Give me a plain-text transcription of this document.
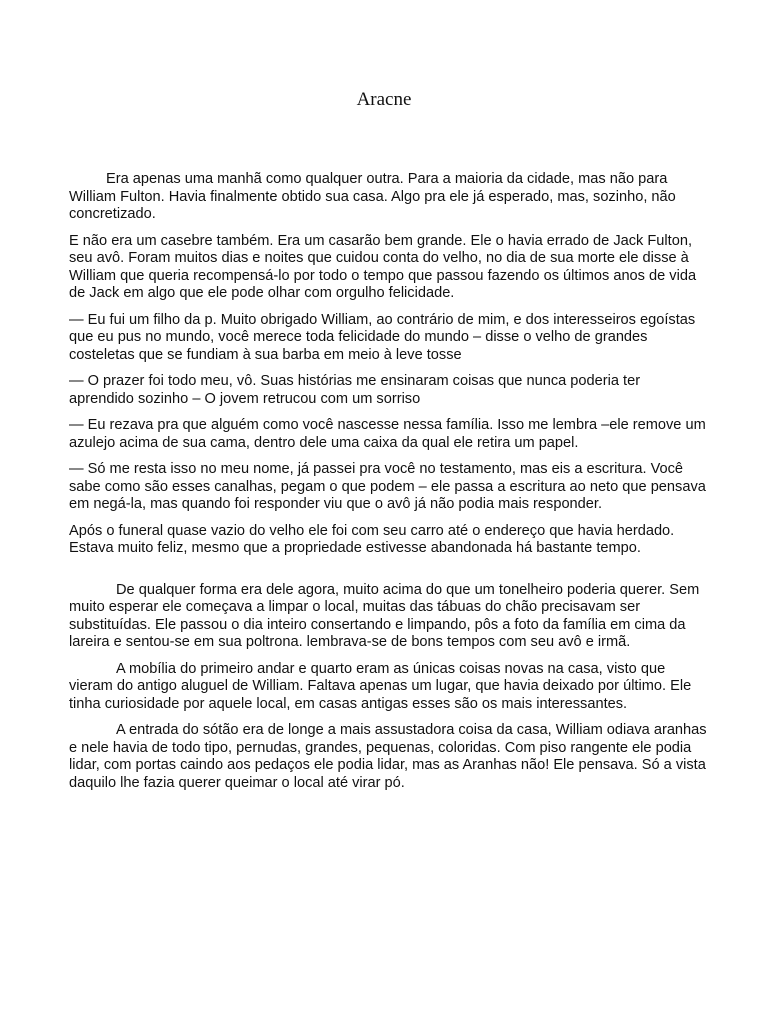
Aracne

Era apenas uma manhã como qualquer outra. Para a maioria da cidade, mas não para William Fulton. Havia finalmente obtido sua casa. Algo pra ele já esperado, mas, sozinho, não concretizado.

E não era um casebre também. Era um casarão bem grande. Ele o havia errado de Jack Fulton, seu avô. Foram muitos dias e noites que cuidou conta do velho, no dia de sua morte ele disse à William que queria recompensá-lo por todo o tempo que passou fazendo os últimos anos de vida de Jack em algo que ele pode olhar com orgulho felicidade.

— Eu fui um filho da p. Muito obrigado William, ao contrário de mim, e dos interesseiros egoístas que eu pus no mundo, você merece toda felicidade do mundo – disse o velho de grandes costeletas que se fundiam à sua barba em meio à leve tosse

— O prazer foi todo meu, vô. Suas histórias me ensinaram coisas que nunca poderia ter aprendido sozinho – O jovem retrucou com um sorriso

— Eu rezava pra que alguém como você nascesse nessa família. Isso me lembra –ele remove um azulejo acima de sua cama, dentro dele uma caixa da qual ele retira um papel.

— Só me resta isso no meu nome, já passei pra você no testamento, mas eis a escritura. Você sabe como são esses canalhas, pegam o que podem – ele passa a escritura ao neto que pensava em negá-la, mas quando foi responder viu que o avô já não podia mais responder.

Após o funeral quase vazio do velho ele foi com seu carro até o endereço que havia herdado. Estava muito feliz, mesmo que a propriedade estivesse abandonada há bastante tempo.

De qualquer forma era dele agora, muito acima do que um tonelheiro poderia querer. Sem muito esperar ele começava a limpar o local, muitas das tábuas do chão precisavam ser substituídas. Ele passou o dia inteiro consertando e limpando, pôs a foto da família em cima da lareira e sentou-se em sua poltrona. lembrava-se de bons tempos com seu avô e irmã.

A mobília do primeiro andar e quarto eram as únicas coisas novas na casa, visto que vieram do antigo aluguel de William. Faltava apenas um lugar, que havia deixado por último. Ele tinha curiosidade por aquele local, em casas antigas esses são os mais interessantes.

A entrada do sótão era de longe a mais assustadora coisa da casa, William odiava aranhas e nele havia de todo tipo, pernudas, grandes, pequenas, coloridas. Com piso rangente ele podia lidar, com portas caindo aos pedaços ele podia lidar, mas as Aranhas não! Ele pensava. Só a vista daquilo lhe fazia querer queimar o local até virar pó.
